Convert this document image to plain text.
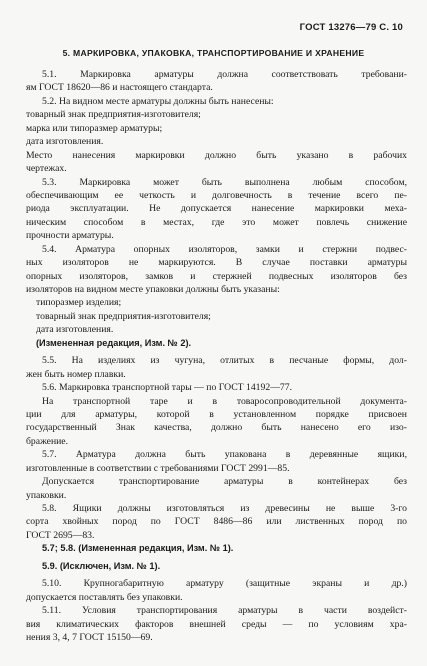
ГОСТ 13276—79 С. 10
5. МАРКИРОВКА, УПАКОВКА, ТРАНСПОРТИРОВАНИЕ И ХРАНЕНИЕ
5.1. Маркировка арматуры должна соответствовать требовани-
ям ГОСТ 18620—86 и настоящего стандарта.
5.2. На видном месте арматуры должны быть нанесены:
товарный знак предприятия-изготовителя;
марка или типоразмер арматуры;
дата изготовления.
Место нанесения маркировки должно быть указано в рабочих
чертежах.
5.3. Маркировка может быть выполнена любым способом,
обеспечивающим ее четкость и долговечность в течение всего пе-
риода эксплуатации. Не допускается нанесение маркировки меха-
ническим способом в местах, где это может повлечь снижение
прочности арматуры.
5.4. Арматура опорных изоляторов, замки и стержни подвес-
ных изоляторов не маркируются. В случае поставки арматуры
опорных изоляторов, замков и стержней подвесных изоляторов без
изоляторов на видном месте упаковки должны быть указаны:
типоразмер изделия;
товарный знак предприятия-изготовителя;
дата изготовления.
(Измененная редакция, Изм. № 2).
5.5. На изделиях из чугуна, отлитых в песчаные формы, дол-
жен быть номер плавки.
5.6. Маркировка транспортной тары — по ГОСТ 14192—77.
На транспортной таре и в товаросопроводительной документа-
ции для арматуры, которой в установленном порядке присвоен
государственный Знак качества, должно быть нанесено его изо-
бражение.
5.7. Арматура должна быть упакована в деревянные ящики,
изготовленные в соответствии с требованиями ГОСТ 2991—85.
Допускается транспортирование арматуры в контейнерах без
упаковки.
5.8. Ящики должны изготовляться из древесины не выше 3-го
сорта хвойных пород по ГОСТ 8486—86 или лиственных пород по
ГОСТ 2695—83.
5.7; 5.8. (Измененная редакция, Изм. № 1).
5.9. (Исключен, Изм. № 1).
5.10. Крупногабаритную арматуру (защитные экраны и др.)
допускается поставлять без упаковки.
5.11. Условия транспортирования арматуры в части воздейст-
вия климатических факторов внешней среды — по условиям хра-
нения 3, 4, 7 ГОСТ 15150—69.
